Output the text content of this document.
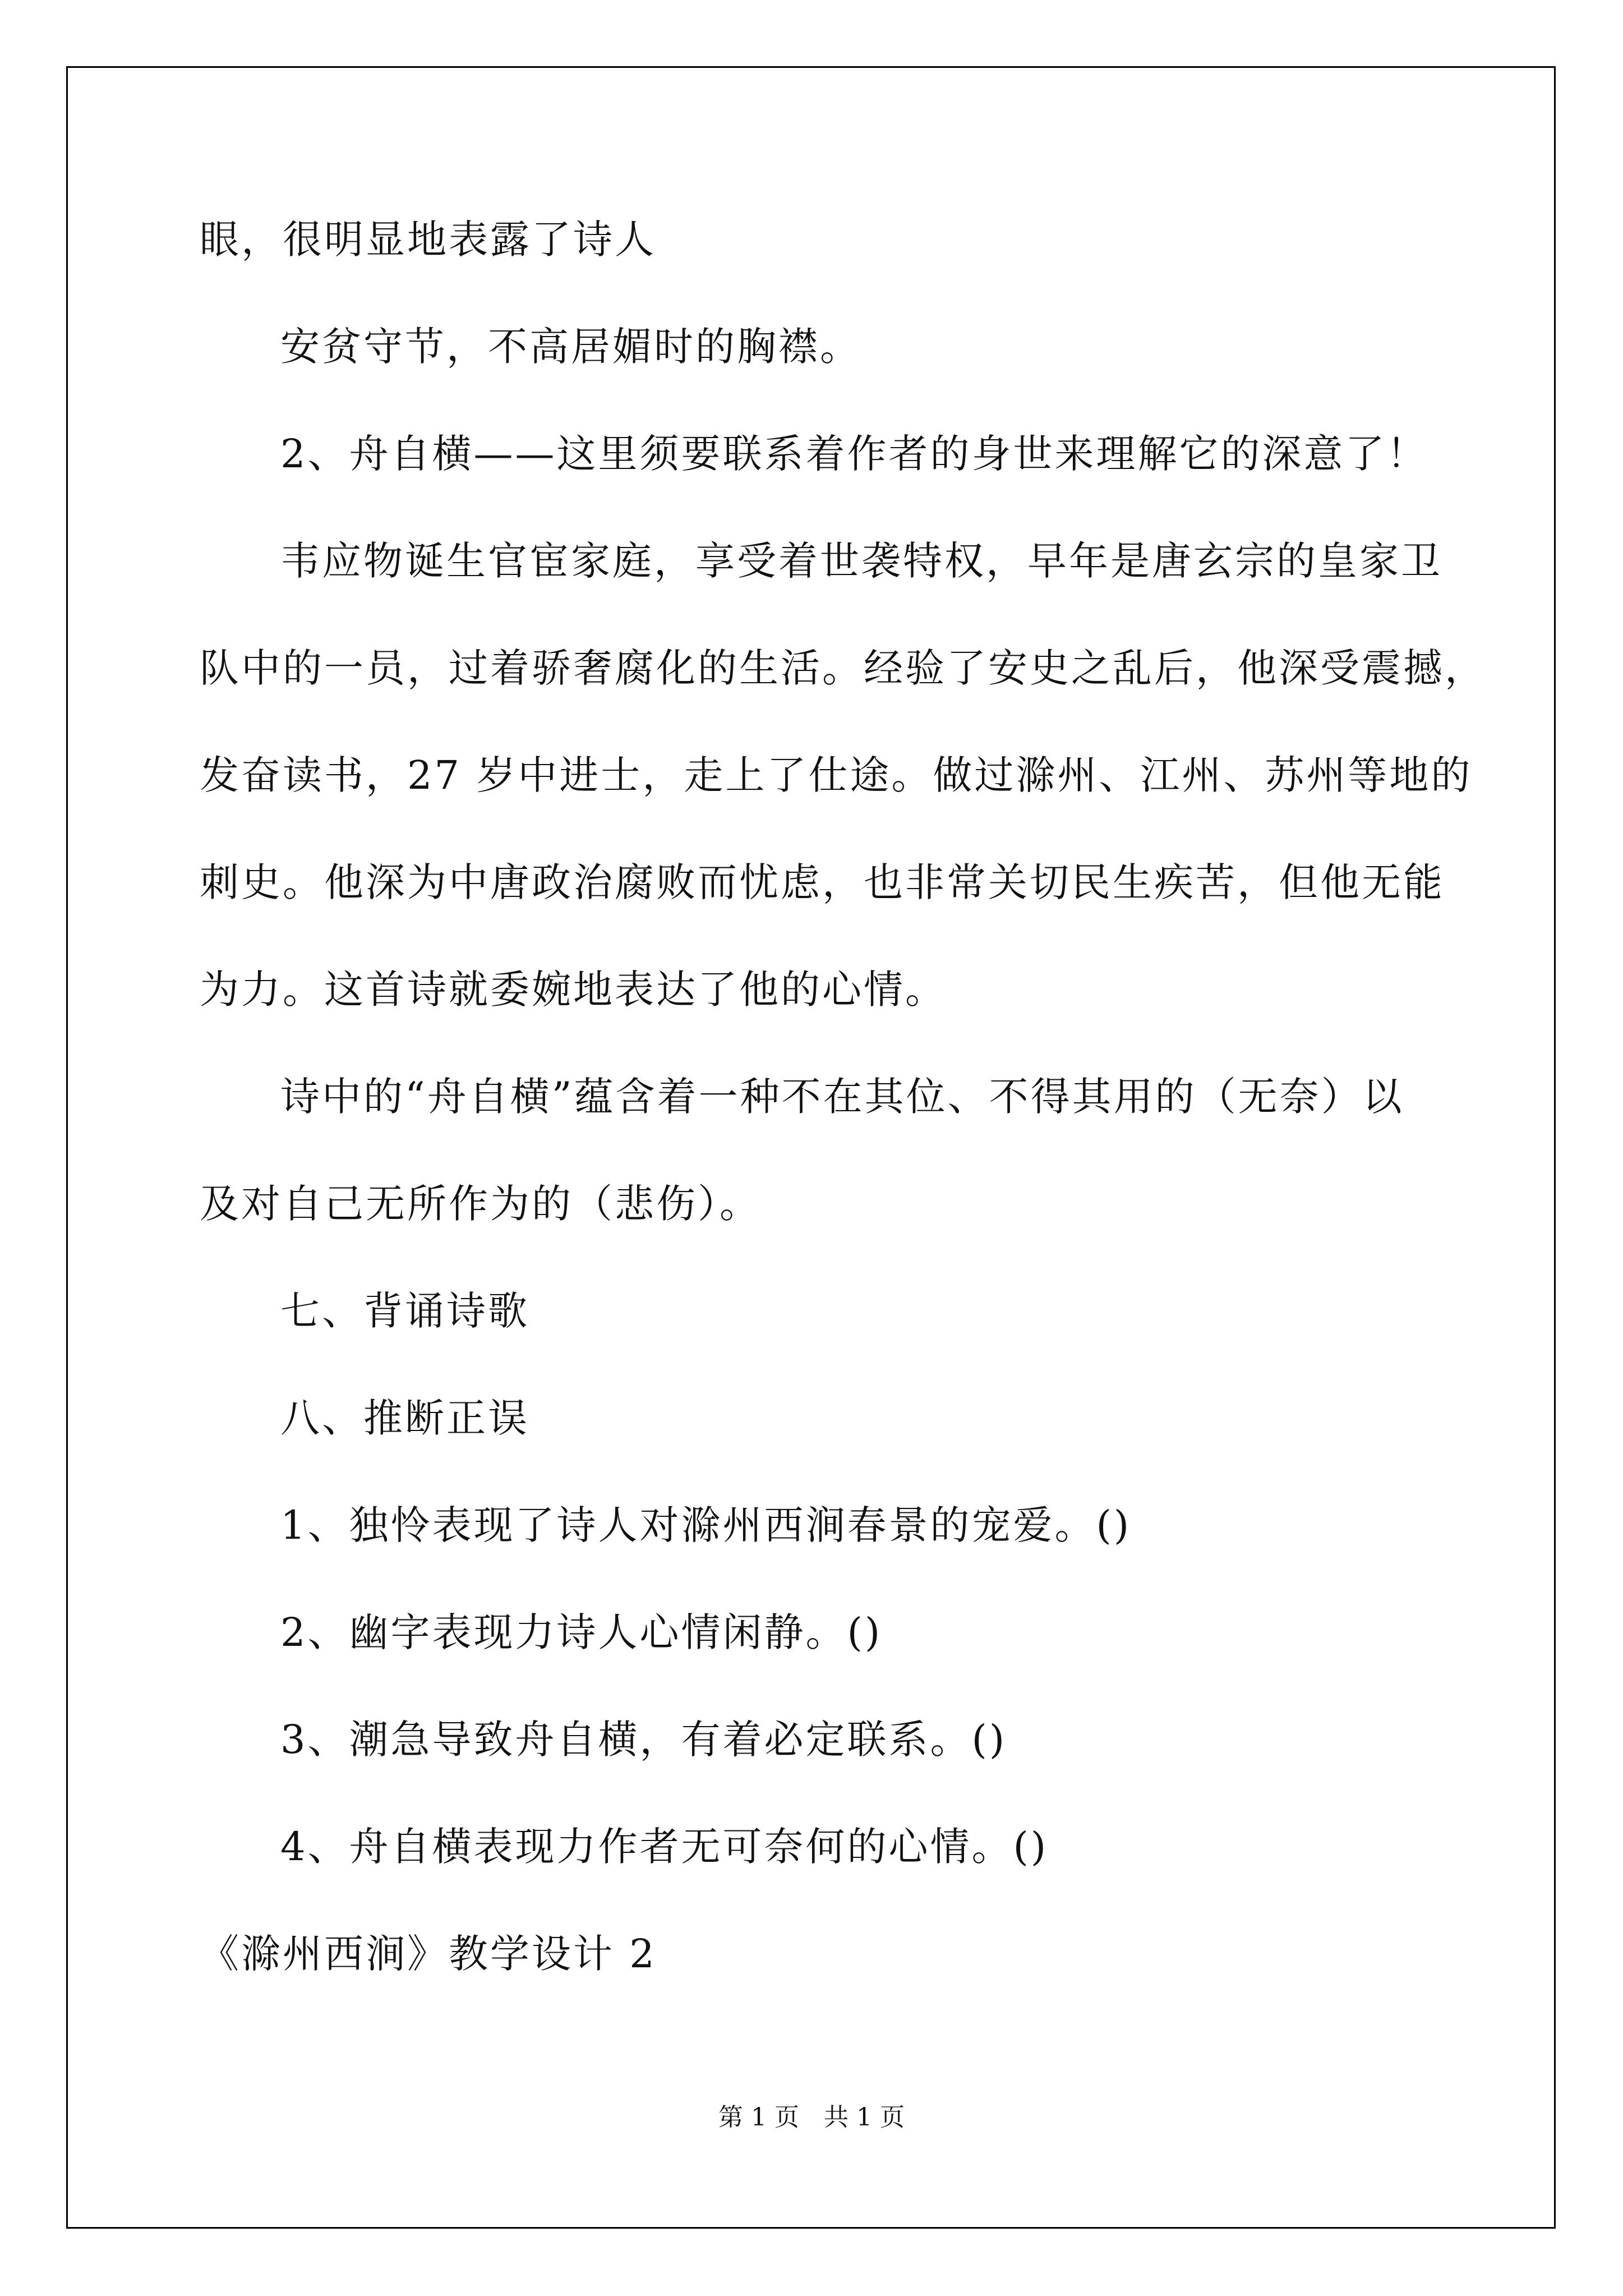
眼，很明显地表露了诗人
安贫守节，不高居媚时的胸襟。
2、舟自横——这里须要联系着作者的身世来理解它的深意了！
韦应物诞生官宦家庭，享受着世袭特权，早年是唐玄宗的皇家卫
队中的一员，过着骄奢腐化的生活。经验了安史之乱后，他深受震撼，
发奋读书，27 岁中进士，走上了仕途。做过滁州、江州、苏州等地的
刺史。他深为中唐政治腐败而忧虑，也非常关切民生疾苦，但他无能
为力。这首诗就委婉地表达了他的心情。
诗中的“舟自横”蕴含着一种不在其位、不得其用的（无奈）以
及对自己无所作为的（悲伤）。
七、背诵诗歌
八、推断正误
1、独怜表现了诗人对滁州西涧春景的宠爱。()
2、幽字表现力诗人心情闲静。()
3、潮急导致舟自横，有着必定联系。()
4、舟自横表现力作者无可奈何的心情。()
《滁州西涧》教学设计 2
第 1 页　共 1 页
